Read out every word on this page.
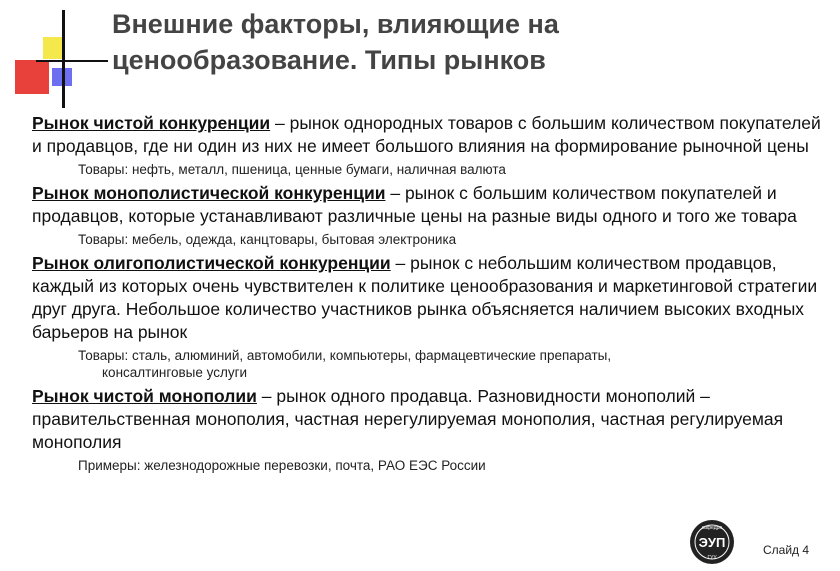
Внешние факторы, влияющие на
ценообразование. Типы рынков

Рынок чистой конкуренции – рынок однородных товаров с большим количеством покупателей и продавцов, где ни один из них не имеет большого влияния на формирование рыночной цены

Товары: нефть, металл, пшеница, ценные бумаги, наличная валюта

Рынок монополистической конкуренции – рынок с большим количеством покупателей и продавцов, которые устанавливают различные цены на разные виды одного и того же товара

Товары: мебель, одежда, канцтовары, бытовая электроника

Рынок олигополистической конкуренции – рынок с небольшим количеством продавцов, каждый из которых очень чувствителен к политике ценообразования и маркетинговой стратегии друг друга. Небольшое количество участников рынка объясняется наличием высоких входных барьеров на рынок

Товары: сталь, алюминий, автомобили, компьютеры, фармацевтические препараты,
консалтинговые услуги

Рынок чистой монополии – рынок одного продавца. Разновидности монополий – правительственная монополия, частная нерегулируемая монополия, частная регулируемая монополия

Примеры: железнодорожные перевозки, почта, РАО ЕЭС России
кафедра
ЭУП
ГУУ
Слайд 4
